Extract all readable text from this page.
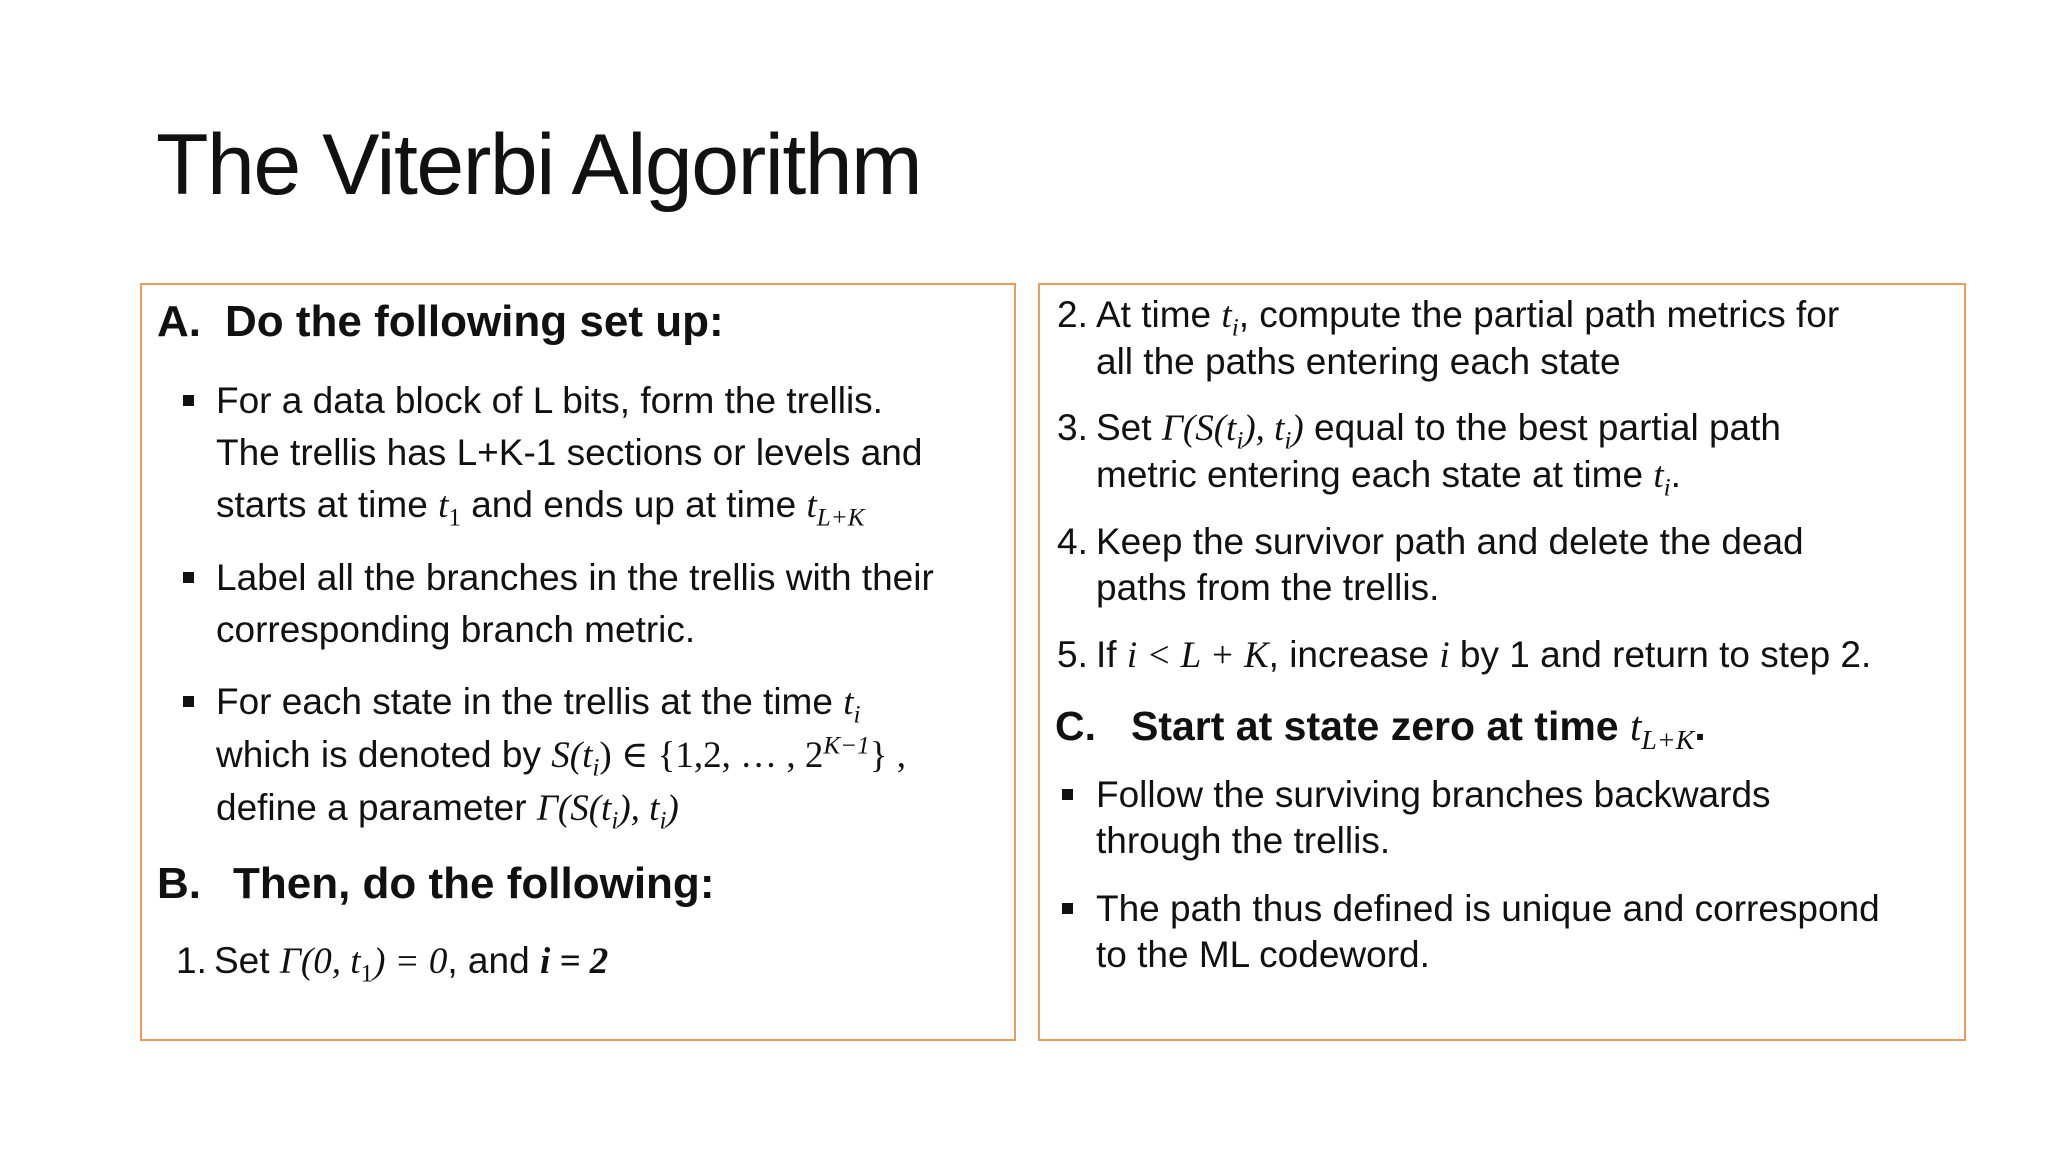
The Viterbi Algorithm
A. Do the following set up:
For a data block of L bits, form the trellis.
The trellis has L+K-1 sections or levels and
starts at time $t_1$ and ends up at time $t_{L+K}$
Label all the branches in the trellis with their
corresponding branch metric.
For each state in the trellis at the time $t_i$
which is denoted by $S(t_i)$ ∈ {1,2, … , $2^{K-1}$} ,
define a parameter $\Gamma(S(t_i)$, $t_i$)
B. Then, do the following:
1. Set Γ(0, $t_1) = 0$, and i = 2
2. At time $t_i$, compute the partial path metrics for
all the paths entering each state
3. Set $\Gamma(S(t_i)$, $t_i$) equal to the best partial path
metric entering each state at time $t_i$.
4. Keep the survivor path and delete the dead
paths from the trellis.
5. If i < L + K, increase i by 1 and return to step 2.
C. Start at state zero at time $t_{L+K}$.
Follow the surviving branches backwards
through the trellis.
The path thus defined is unique and correspond
to the ML codeword.
